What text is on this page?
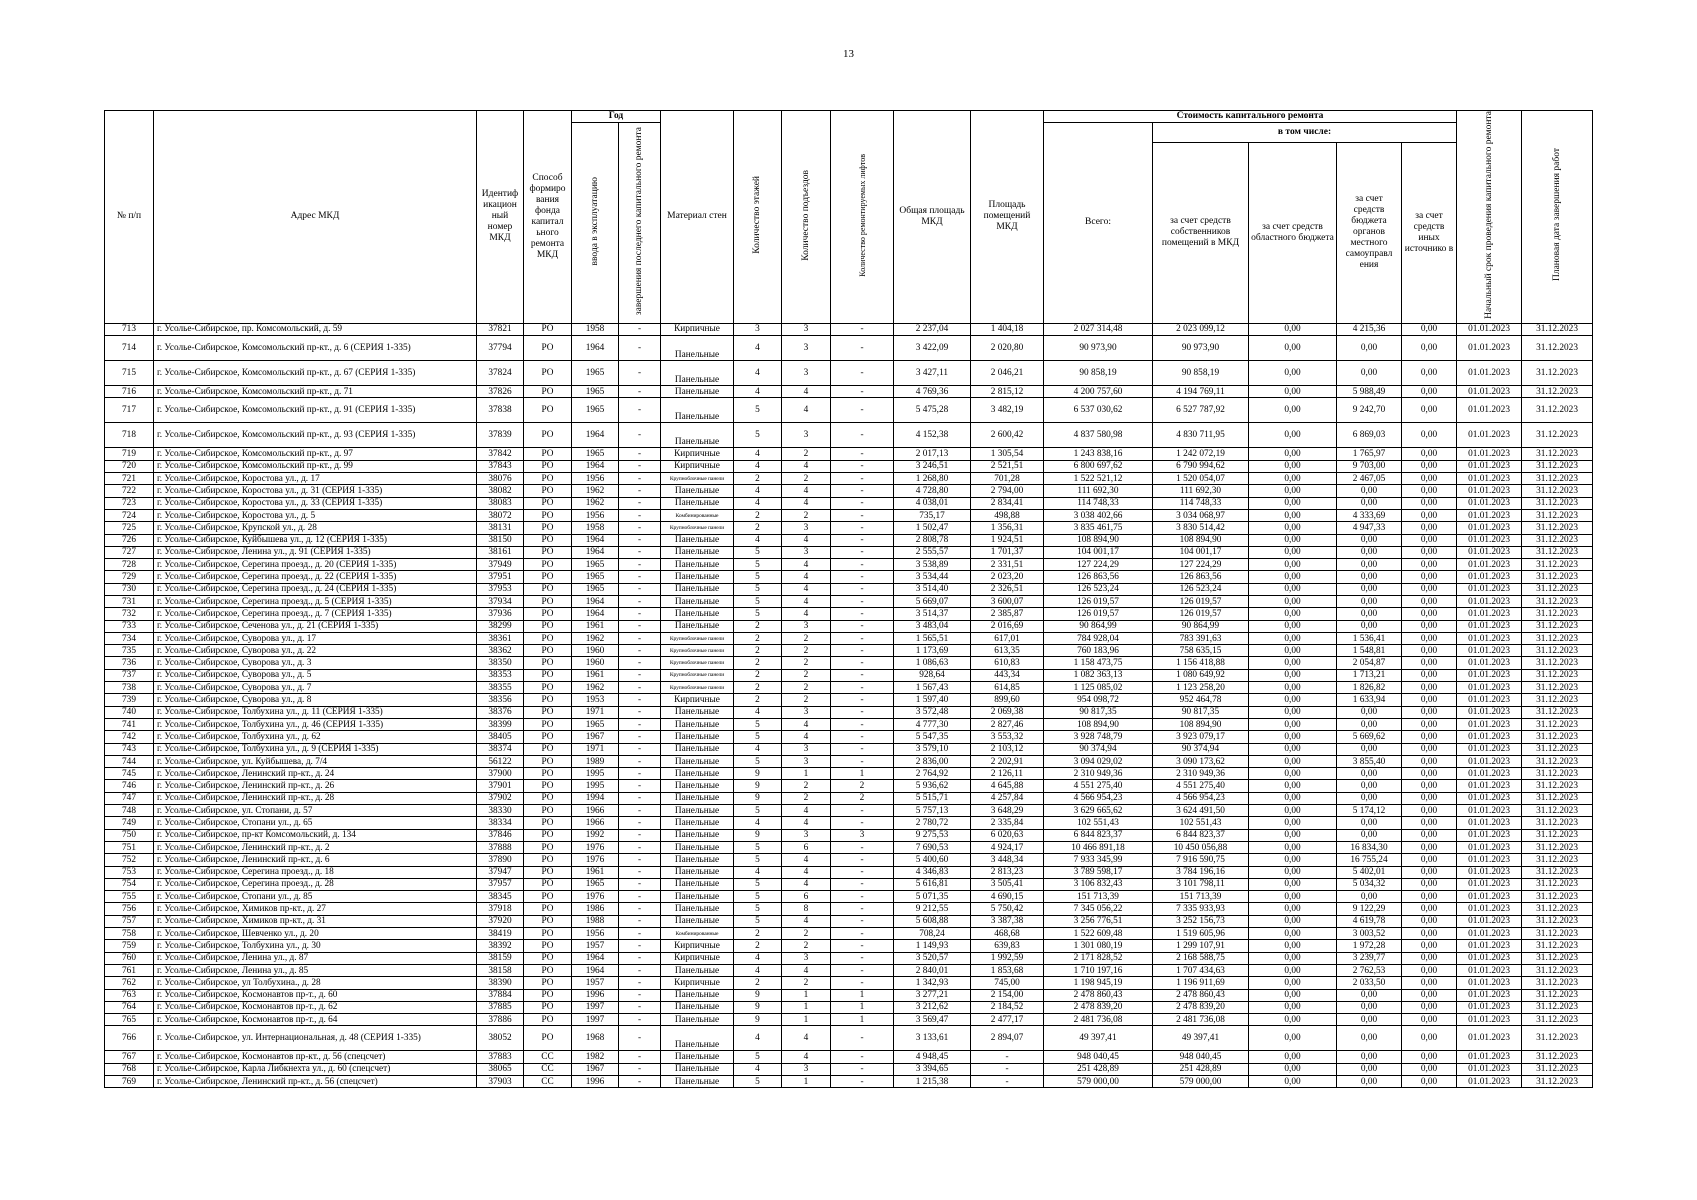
13
№ п/п	Адрес МКД	Идентиф икацион ный номер МКД	Способ формиро вания фонда капитал ьного ремонта МКД	Год		Материал стен	Количество этажей	Количество подъездов	Количество ремонтируемых лифтов	Общая площадь МКД	Площадь помещений МКД	Стоимость капитального ремонта					Начальный срок проведения капитального ремонта	Плановая дата завершения работ
				ввода в эксплуатацию	завершения последнего капитального ремонта							Всего:	в том числе:					
													за счет средств собственников помещений в МКД	за счет средств областного бюджета	за счет средств бюджета органов местного самоуправл ения	за счет средств иных источнико в		
713	г. Усолье-Сибирское, пр. Комсомольский, д. 59	37821	РО	1958	-	Кирпичные	3	3	-	2 237,04	1 404,18	2 027 314,48	2 023 099,12	0,00	4 215,36	0,00	01.01.2023	31.12.2023
714	г. Усолье-Сибирское, Комсомольский пр-кт., д. 6 (СЕРИЯ 1-335)	37794	РО	1964	-	Панельные	4	3	-	3 422,09	2 020,80	90 973,90	90 973,90	0,00	0,00	0,00	01.01.2023	31.12.2023
715	г. Усолье-Сибирское, Комсомольский пр-кт., д. 67 (СЕРИЯ 1-335)	37824	РО	1965	-	Панельные	4	3	-	3 427,11	2 046,21	90 858,19	90 858,19	0,00	0,00	0,00	01.01.2023	31.12.2023
716	г. Усолье-Сибирское, Комсомольский пр-кт., д. 71	37826	РО	1965	-	Панельные	4	4	-	4 769,36	2 815,12	4 200 757,60	4 194 769,11	0,00	5 988,49	0,00	01.01.2023	31.12.2023
717	г. Усолье-Сибирское, Комсомольский пр-кт., д. 91 (СЕРИЯ 1-335)	37838	РО	1965	-	Панельные	5	4	-	5 475,28	3 482,19	6 537 030,62	6 527 787,92	0,00	9 242,70	0,00	01.01.2023	31.12.2023
718	г. Усолье-Сибирское, Комсомольский пр-кт., д. 93 (СЕРИЯ 1-335)	37839	РО	1964	-	Панельные	5	3	-	4 152,38	2 600,42	4 837 580,98	4 830 711,95	0,00	6 869,03	0,00	01.01.2023	31.12.2023
719	г. Усолье-Сибирское, Комсомольский пр-кт., д. 97	37842	РО	1965	-	Кирпичные	4	2	-	2 017,13	1 305,54	1 243 838,16	1 242 072,19	0,00	1 765,97	0,00	01.01.2023	31.12.2023
720	г. Усолье-Сибирское, Комсомольский пр-кт., д. 99	37843	РО	1964	-	Кирпичные	4	4	-	3 246,51	2 521,51	6 800 697,62	6 790 994,62	0,00	9 703,00	0,00	01.01.2023	31.12.2023
721	г. Усолье-Сибирское, Коростова ул., д. 17	38076	РО	1956	-	Крупноблочные панели	2	2	-	1 268,80	701,28	1 522 521,12	1 520 054,07	0,00	2 467,05	0,00	01.01.2023	31.12.2023
722	г. Усолье-Сибирское, Коростова ул., д. 31 (СЕРИЯ 1-335)	38082	РО	1962	-	Панельные	4	4	-	4 728,80	2 794,00	111 692,30	111 692,30	0,00	0,00	0,00	01.01.2023	31.12.2023
723	г. Усолье-Сибирское, Коростова ул., д. 33 (СЕРИЯ 1-335)	38083	РО	1962	-	Панельные	4	4	-	4 038,01	2 834,41	114 748,33	114 748,33	0,00	0,00	0,00	01.01.2023	31.12.2023
724	г. Усолье-Сибирское, Коростова ул., д. 5	38072	РО	1956	-	Комбинированные	2	2	-	735,17	498,88	3 038 402,66	3 034 068,97	0,00	4 333,69	0,00	01.01.2023	31.12.2023
725	г. Усолье-Сибирское, Крупской ул., д. 28	38131	РО	1958	-	Крупноблочные панели	2	3	-	1 502,47	1 356,31	3 835 461,75	3 830 514,42	0,00	4 947,33	0,00	01.01.2023	31.12.2023
726	г. Усолье-Сибирское, Куйбышева ул., д. 12 (СЕРИЯ 1-335)	38150	РО	1964	-	Панельные	4	4	-	2 808,78	1 924,51	108 894,90	108 894,90	0,00	0,00	0,00	01.01.2023	31.12.2023
727	г. Усолье-Сибирское, Ленина ул., д. 91 (СЕРИЯ 1-335)	38161	РО	1964	-	Панельные	5	3	-	2 555,57	1 701,37	104 001,17	104 001,17	0,00	0,00	0,00	01.01.2023	31.12.2023
728	г. Усолье-Сибирское, Серегина проезд., д. 20 (СЕРИЯ 1-335)	37949	РО	1965	-	Панельные	5	4	-	3 538,89	2 331,51	127 224,29	127 224,29	0,00	0,00	0,00	01.01.2023	31.12.2023
729	г. Усолье-Сибирское, Серегина проезд., д. 22 (СЕРИЯ 1-335)	37951	РО	1965	-	Панельные	5	4	-	3 534,44	2 023,20	126 863,56	126 863,56	0,00	0,00	0,00	01.01.2023	31.12.2023
730	г. Усолье-Сибирское, Серегина проезд., д. 24 (СЕРИЯ 1-335)	37953	РО	1965	-	Панельные	5	4	-	3 514,40	2 326,51	126 523,24	126 523,24	0,00	0,00	0,00	01.01.2023	31.12.2023
731	г. Усолье-Сибирское, Серегина проезд., д. 5 (СЕРИЯ 1-335)	37934	РО	1964	-	Панельные	5	4	-	5 669,07	3 600,07	126 019,57	126 019,57	0,00	0,00	0,00	01.01.2023	31.12.2023
732	г. Усолье-Сибирское, Серегина проезд., д. 7 (СЕРИЯ 1-335)	37936	РО	1964	-	Панельные	5	4	-	3 514,37	2 385,87	126 019,57	126 019,57	0,00	0,00	0,00	01.01.2023	31.12.2023
733	г. Усолье-Сибирское, Сеченова ул., д. 21 (СЕРИЯ 1-335)	38299	РО	1961	-	Панельные	2	3	-	3 483,04	2 016,69	90 864,99	90 864,99	0,00	0,00	0,00	01.01.2023	31.12.2023
734	г. Усолье-Сибирское, Суворова ул., д. 17	38361	РО	1962	-	Крупноблочные панели	2	2	-	1 565,51	617,01	784 928,04	783 391,63	0,00	1 536,41	0,00	01.01.2023	31.12.2023
735	г. Усолье-Сибирское, Суворова ул., д. 22	38362	РО	1960	-	Крупноблочные панели	2	2	-	1 173,69	613,35	760 183,96	758 635,15	0,00	1 548,81	0,00	01.01.2023	31.12.2023
736	г. Усолье-Сибирское, Суворова ул., д. 3	38350	РО	1960	-	Крупноблочные панели	2	2	-	1 086,63	610,83	1 158 473,75	1 156 418,88	0,00	2 054,87	0,00	01.01.2023	31.12.2023
737	г. Усолье-Сибирское, Суворова ул., д. 5	38353	РО	1961	-	Крупноблочные панели	2	2	-	928,64	443,34	1 082 363,13	1 080 649,92	0,00	1 713,21	0,00	01.01.2023	31.12.2023
738	г. Усолье-Сибирское, Суворова ул., д. 7	38355	РО	1962	-	Крупноблочные панели	2	2	-	1 567,43	614,85	1 125 085,02	1 123 258,20	0,00	1 826,82	0,00	01.01.2023	31.12.2023
739	г. Усолье-Сибирское, Суворова ул., д. 8	38356	РО	1953	-	Кирпичные	2	2	-	1 597,40	899,60	954 098,72	952 464,78	0,00	1 633,94	0,00	01.01.2023	31.12.2023
740	г. Усолье-Сибирское, Толбухина ул., д. 11 (СЕРИЯ 1-335)	38376	РО	1971	-	Панельные	4	3	-	3 572,48	2 069,38	90 817,35	90 817,35	0,00	0,00	0,00	01.01.2023	31.12.2023
741	г. Усолье-Сибирское, Толбухина ул., д. 46 (СЕРИЯ 1-335)	38399	РО	1965	-	Панельные	5	4	-	4 777,30	2 827,46	108 894,90	108 894,90	0,00	0,00	0,00	01.01.2023	31.12.2023
742	г. Усолье-Сибирское, Толбухина ул., д. 62	38405	РО	1967	-	Панельные	5	4	-	5 547,35	3 553,32	3 928 748,79	3 923 079,17	0,00	5 669,62	0,00	01.01.2023	31.12.2023
743	г. Усолье-Сибирское, Толбухина ул., д. 9 (СЕРИЯ 1-335)	38374	РО	1971	-	Панельные	4	3	-	3 579,10	2 103,12	90 374,94	90 374,94	0,00	0,00	0,00	01.01.2023	31.12.2023
744	г. Усолье-Сибирское, ул. Куйбышева, д. 7/4	56122	РО	1989	-	Панельные	5	3	-	2 836,00	2 202,91	3 094 029,02	3 090 173,62	0,00	3 855,40	0,00	01.01.2023	31.12.2023
745	г. Усолье-Сибирское, Ленинский пр-кт., д. 24	37900	РО	1995	-	Панельные	9	1	1	2 764,92	2 126,11	2 310 949,36	2 310 949,36	0,00	0,00	0,00	01.01.2023	31.12.2023
746	г. Усолье-Сибирское, Ленинский пр-кт., д. 26	37901	РО	1995	-	Панельные	9	2	2	5 936,62	4 645,88	4 551 275,40	4 551 275,40	0,00	0,00	0,00	01.01.2023	31.12.2023
747	г. Усолье-Сибирское, Ленинский пр-кт., д. 28	37902	РО	1994	-	Панельные	9	2	2	5 515,71	4 257,84	4 566 954,23	4 566 954,23	0,00	0,00	0,00	01.01.2023	31.12.2023
748	г. Усолье-Сибирское, ул. Стопани, д. 57	38330	РО	1966	-	Панельные	5	4	-	5 757,13	3 648,29	3 629 665,62	3 624 491,50	0,00	5 174,12	0,00	01.01.2023	31.12.2023
749	г. Усолье-Сибирское, Стопани ул., д. 65	38334	РО	1966	-	Панельные	4	4	-	2 780,72	2 335,84	102 551,43	102 551,43	0,00	0,00	0,00	01.01.2023	31.12.2023
750	г. Усолье-Сибирское, пр-кт Комсомольский, д. 134	37846	РО	1992	-	Панельные	9	3	3	9 275,53	6 020,63	6 844 823,37	6 844 823,37	0,00	0,00	0,00	01.01.2023	31.12.2023
751	г. Усолье-Сибирское, Ленинский пр-кт., д. 2	37888	РО	1976	-	Панельные	5	6	-	7 690,53	4 924,17	10 466 891,18	10 450 056,88	0,00	16 834,30	0,00	01.01.2023	31.12.2023
752	г. Усолье-Сибирское, Ленинский пр-кт., д. 6	37890	РО	1976	-	Панельные	5	4	-	5 400,60	3 448,34	7 933 345,99	7 916 590,75	0,00	16 755,24	0,00	01.01.2023	31.12.2023
753	г. Усолье-Сибирское, Серегина проезд., д. 18	37947	РО	1961	-	Панельные	4	4	-	4 346,83	2 813,23	3 789 598,17	3 784 196,16	0,00	5 402,01	0,00	01.01.2023	31.12.2023
754	г. Усолье-Сибирское, Серегина проезд., д. 28	37957	РО	1965	-	Панельные	5	4	-	5 616,81	3 505,41	3 106 832,43	3 101 798,11	0,00	5 034,32	0,00	01.01.2023	31.12.2023
755	г. Усолье-Сибирское, Стопани ул., д. 85	38345	РО	1976	-	Панельные	5	6	-	5 071,35	4 690,15	151 713,39	151 713,39	0,00	0,00	0,00	01.01.2023	31.12.2023
756	г. Усолье-Сибирское, Химиков пр-кт., д. 27	37918	РО	1986	-	Панельные	5	8	-	9 212,55	5 750,42	7 345 056,22	7 335 933,93	0,00	9 122,29	0,00	01.01.2023	31.12.2023
757	г. Усолье-Сибирское, Химиков пр-кт., д. 31	37920	РО	1988	-	Панельные	5	4	-	5 608,88	3 387,38	3 256 776,51	3 252 156,73	0,00	4 619,78	0,00	01.01.2023	31.12.2023
758	г. Усолье-Сибирское, Шевченко ул., д. 20	38419	РО	1956	-	Комбинированные	2	2	-	708,24	468,68	1 522 609,48	1 519 605,96	0,00	3 003,52	0,00	01.01.2023	31.12.2023
759	г. Усолье-Сибирское, Толбухина ул., д. 30	38392	РО	1957	-	Кирпичные	2	2	-	1 149,93	639,83	1 301 080,19	1 299 107,91	0,00	1 972,28	0,00	01.01.2023	31.12.2023
760	г. Усолье-Сибирское, Ленина ул., д. 87	38159	РО	1964	-	Кирпичные	4	3	-	3 520,57	1 992,59	2 171 828,52	2 168 588,75	0,00	3 239,77	0,00	01.01.2023	31.12.2023
761	г. Усолье-Сибирское, Ленина ул., д. 85	38158	РО	1964	-	Панельные	4	4	-	2 840,01	1 853,68	1 710 197,16	1 707 434,63	0,00	2 762,53	0,00	01.01.2023	31.12.2023
762	г. Усолье-Сибирское, ул Толбухина., д. 28	38390	РО	1957	-	Кирпичные	2	2	-	1 342,93	745,00	1 198 945,19	1 196 911,69	0,00	2 033,50	0,00	01.01.2023	31.12.2023
763	г. Усолье-Сибирское, Космонавтов пр-т., д. 60	37884	РО	1996	-	Панельные	9	1	1	3 277,21	2 154,00	2 478 860,43	2 478 860,43	0,00	0,00	0,00	01.01.2023	31.12.2023
764	г. Усолье-Сибирское, Космонавтов пр-т., д. 62	37885	РО	1997	-	Панельные	9	1	1	3 212,62	2 184,52	2 478 839,20	2 478 839,20	0,00	0,00	0,00	01.01.2023	31.12.2023
765	г. Усолье-Сибирское, Космонавтов пр-т., д. 64	37886	РО	1997	-	Панельные	9	1	1	3 569,47	2 477,17	2 481 736,08	2 481 736,08	0,00	0,00	0,00	01.01.2023	31.12.2023
766	г. Усолье-Сибирское, ул. Интернациональная, д. 48 (СЕРИЯ 1-335)	38052	РО	1968	-	Панельные	4	4	-	3 133,61	2 894,07	49 397,41	49 397,41	0,00	0,00	0,00	01.01.2023	31.12.2023
767	г. Усолье-Сибирское, Космонавтов пр-кт., д. 56 (спецсчет)	37883	СС	1982	-	Панельные	5	4	-	4 948,45	-	948 040,45	948 040,45	0,00	0,00	0,00	01.01.2023	31.12.2023
768	г. Усолье-Сибирское, Карла Либкнехта ул., д. 60 (спецсчет)	38065	СС	1967	-	Панельные	4	3	-	3 394,65	-	251 428,89	251 428,89	0,00	0,00	0,00	01.01.2023	31.12.2023
769	г. Усолье-Сибирское, Ленинский пр-кт., д. 56 (спецсчет)	37903	СС	1996	-	Панельные	5	1	-	1 215,38	-	579 000,00	579 000,00	0,00	0,00	0,00	01.01.2023	31.12.2023
